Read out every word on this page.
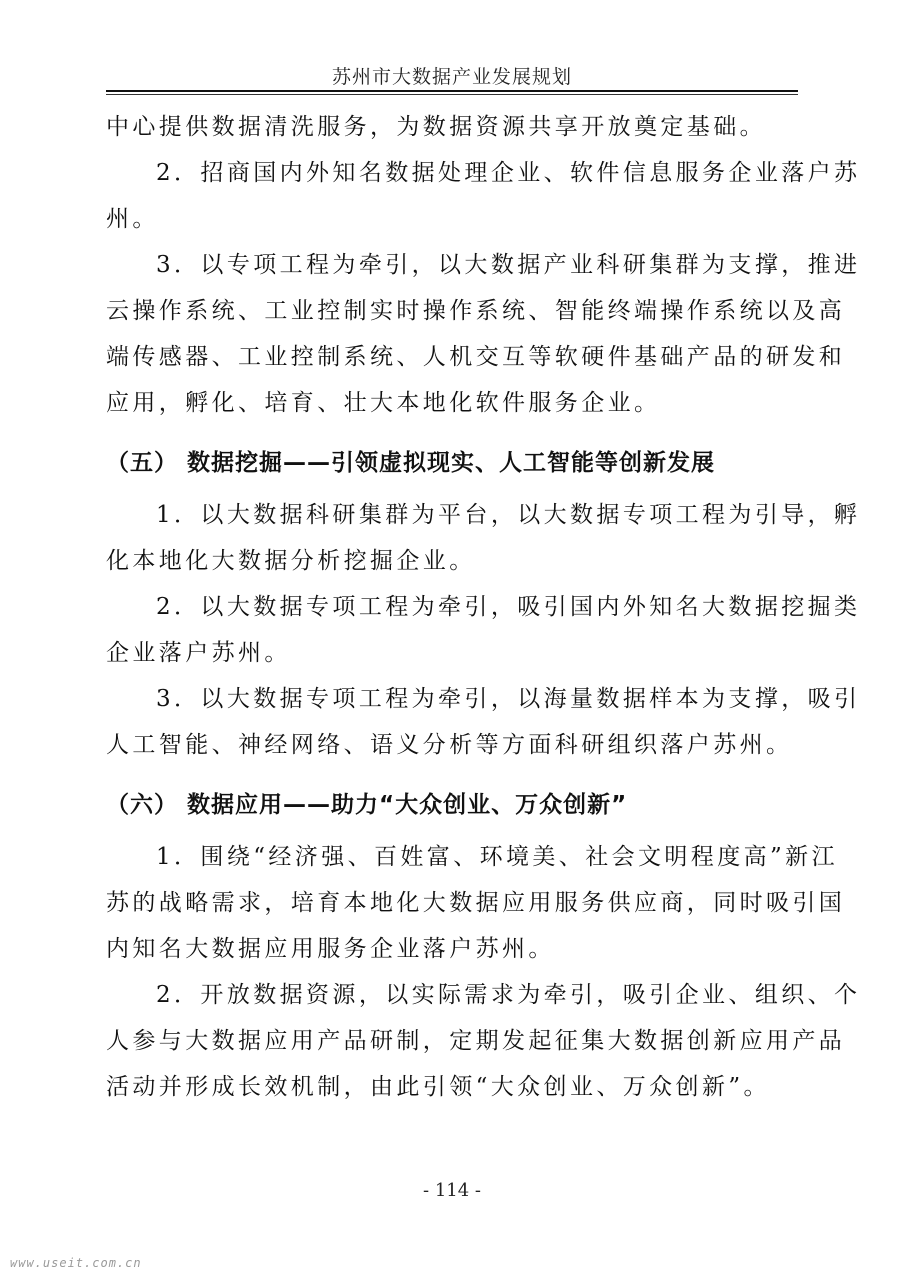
苏州市大数据产业发展规划
中心提供数据清洗服务，为数据资源共享开放奠定基础。
2．招商国内外知名数据处理企业、软件信息服务企业落户苏
州。
3．以专项工程为牵引，以大数据产业科研集群为支撑，推进
云操作系统、工业控制实时操作系统、智能终端操作系统以及高
端传感器、工业控制系统、人机交互等软硬件基础产品的研发和
应用，孵化、培育、壮大本地化软件服务企业。
（五） 数据挖掘——引领虚拟现实、人工智能等创新发展
1．以大数据科研集群为平台，以大数据专项工程为引导，孵
化本地化大数据分析挖掘企业。
2．以大数据专项工程为牵引，吸引国内外知名大数据挖掘类
企业落户苏州。
3．以大数据专项工程为牵引，以海量数据样本为支撑，吸引
人工智能、神经网络、语义分析等方面科研组织落户苏州。
（六） 数据应用——助力“大众创业、万众创新”
1．围绕“经济强、百姓富、环境美、社会文明程度高”新江
苏的战略需求，培育本地化大数据应用服务供应商，同时吸引国
内知名大数据应用服务企业落户苏州。
2．开放数据资源，以实际需求为牵引，吸引企业、组织、个
人参与大数据应用产品研制，定期发起征集大数据创新应用产品
活动并形成长效机制，由此引领“大众创业、万众创新”。
- 114 -
www.useit.com.cn
